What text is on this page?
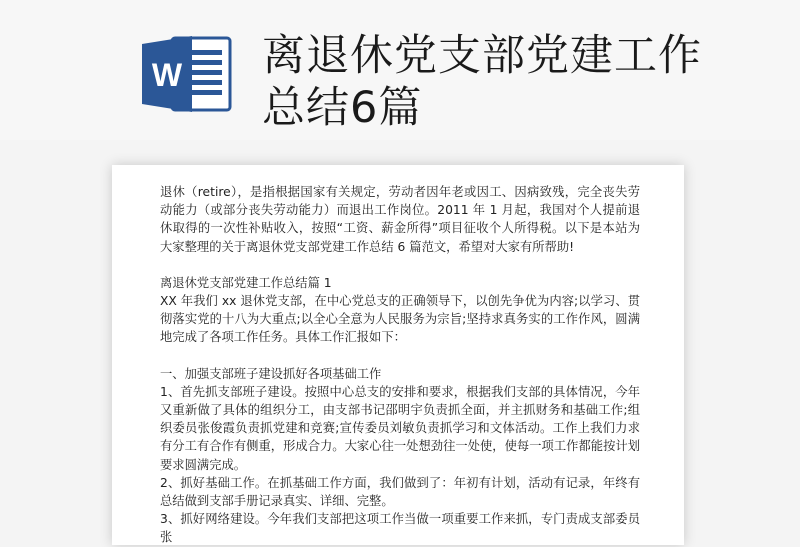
W 离退休党支部党建工作总结6篇

退休（retire），是指根据国家有关规定，劳动者因年老或因工、因病致残，完全丧失劳动能力（或部分丧失劳动能力）而退出工作岗位。2011 年 1 月起，我国对个人提前退休取得的一次性补贴收入，按照“工资、薪金所得”项目征收个人所得税。以下是本站为大家整理的关于离退休党支部党建工作总结 6 篇范文，希望对大家有所帮助!

离退休党支部党建工作总结篇 1

XX 年我们 xx 退休党支部，在中心党总支的正确领导下，以创先争优为内容;以学习、贯彻落实党的十八为大重点;以全心全意为人民服务为宗旨;坚持求真务实的工作作风，圆满地完成了各项工作任务。具体工作汇报如下：

一、加强支部班子建设抓好各项基础工作

1、首先抓支部班子建设。按照中心总支的安排和要求，根据我们支部的具体情况，今年又重新做了具体的组织分工，由支部书记邵明宇负责抓全面，并主抓财务和基础工作;组织委员张俊霞负责抓党建和竞赛;宣传委员刘敏负责抓学习和文体活动。工作上我们力求有分工有合作有侧重，形成合力。大家心往一处想劲往一处使，使每一项工作都能按计划要求圆满完成。

2、抓好基础工作。在抓基础工作方面，我们做到了：年初有计划，活动有记录，年终有总结做到支部手册记录真实、详细、完整。

3、抓好网络建设。今年我们支部把这项工作当做一项重要工作来抓，专门责成支部委员张
